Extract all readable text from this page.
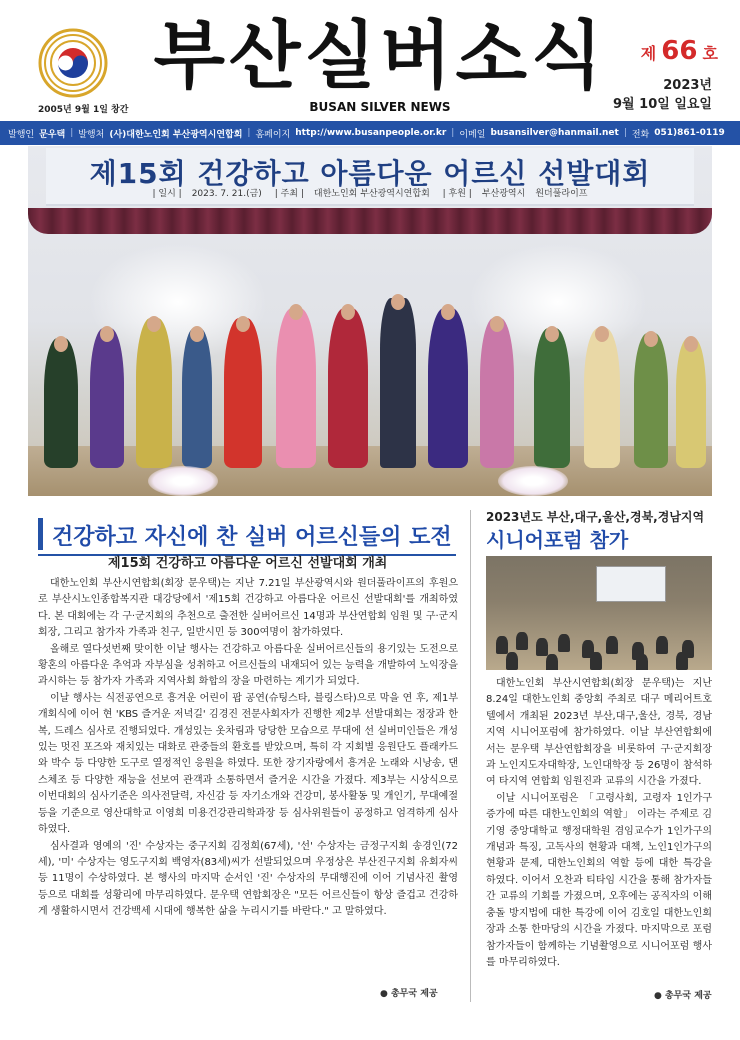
2005년 9월 1일 창간
부산실버소식
BUSAN SILVER NEWS
제 66 호
2023년
9월 10일 일요일
발행인 문우택 | 발행처 (사)대한노인회 부산광역시연합회 | 홈페이지 http://www.busanpeople.or.kr | 이메일 busansilver@hanmail.net | 전화 051)861-0119
제15회 건강하고 아름다운 어르신 선발대회
| 일시 | 2023. 7. 21.(금) | 주최 | 대한노인회 부산광역시연합회 | 후원 | 부산광역시 원더풀라이프
건강하고 자신에 찬 실버 어르신들의 도전
제15회 건강하고 아름다운 어르신 선발대회 개최

대한노인회 부산시연합회(회장 문우택)는 지난 7.21일 부산광역시와 원더풀라이프의 후원으로 부산시노인종합복지관 대강당에서 '제15회 건강하고 아름다운 어르신 선발대회'를 개최하였다. 본 대회에는 각 구·군지회의 추천으로 출전한 실버어르신 14명과 부산연합회 임원 및 구·군지회장, 그리고 참가자 가족과 친구, 일반시민 등 300여명이 참가하였다.

올해로 열다섯번째 맞이한 이날 행사는 건강하고 아름다운 실버어르신들의 용기있는 도전으로 황혼의 아름다운 추억과 자부심을 성취하고 어르신들의 내재되어 있는 능력을 개발하여 노익장을 과시하는 등 참가자 가족과 지역사회 화합의 장을 마련하는 계기가 되었다.

이날 행사는 식전공연으로 흥겨운 어린이 팝 공연(슈팅스타, 블링스타)으로 막을 연 후, 제1부 개회식에 이어 현 'KBS 즐거운 저녁길' 김경진 전문사회자가 진행한 제2부 선발대회는 정장과 한복, 드레스 심사로 진행되었다. 개성있는 옷차림과 당당한 모습으로 무대에 선 실버미인들은 개성있는 멋진 포즈와 재치있는 대화로 관중들의 환호를 받았으며, 특히 각 지회별 응원단도 플래카드와 박수 등 다양한 도구로 열정적인 응원을 하였다. 또한 장기자랑에서 흥겨운 노래와 시낭송, 댄스체조 등 다양한 재능을 선보여 관객과 소통하면서 즐거운 시간을 가졌다. 제3부는 시상식으로 이번대회의 심사기준은 의사전달력, 자신감 등 자기소개와 건강미, 봉사활동 및 개인기, 무대예절 등을 기준으로 영산대학교 이영희 미용건강관리학과장 등 심사위원들이 공정하고 엄격하게 심사하였다.

심사결과 영예의 '진' 수상자는 중구지회 김정희(67세), '선' 수상자는 금정구지회 송경인(72세), '미' 수상자는 영도구지회 백영자(83세)씨가 선발되었으며 우정상은 부산진구지회 유회자씨 등 11명이 수상하였다. 본 행사의 마지막 순서인 '진' 수상자의 무대행진에 이어 기념사진 촬영 등으로 대회를 성황리에 마무리하였다. 문우택 연합회장은 "모든 어르신들이 항상 즐겁고 건강하게 생활하시면서 건강백세 시대에 행복한 삶을 누리시기를 바란다." 고 말하였다.

● 총무국 제공
2023년도 부산,대구,울산,경북,경남지역
시니어포럼 참가

대한노인회 부산시연합회(회장 문우택)는 지난 8.24일 대한노인회 중앙회 주최로 대구 메리어트호텔에서 개최된 2023년 부산,대구,울산, 경북, 경남지역 시니어포럼에 참가하였다. 이날 부산연합회에서는 문우택 부산연합회장을 비롯하여 구·군지회장과 노인지도자대학장, 노인대학장 등 26명이 참석하여 타지역 연합회 임원진과 교류의 시간을 가졌다.

이날 시니어포럼은 「고령사회, 고령자 1인가구 증가에 따른 대한노인회의 역할」 이라는 주제로 김기영 중앙대학교 행정대학원 겸임교수가 1인가구의 개념과 특징, 고독사의 현황과 대책, 노인1인가구의 현황과 문제, 대한노인회의 역할 등에 대한 특강을 하였다. 이어서 오찬과 티타임 시간을 통해 참가자들 간 교류의 기회를 가졌으며, 오후에는 공직자의 이해충돌 방지법에 대한 특강에 이어 김호일 대한노인회장과 소통 한마당의 시간을 가졌다. 마지막으로 포럼 참가자들이 함께하는 기념촬영으로 시니어포럼 행사를 마무리하였다.

● 총무국 제공
